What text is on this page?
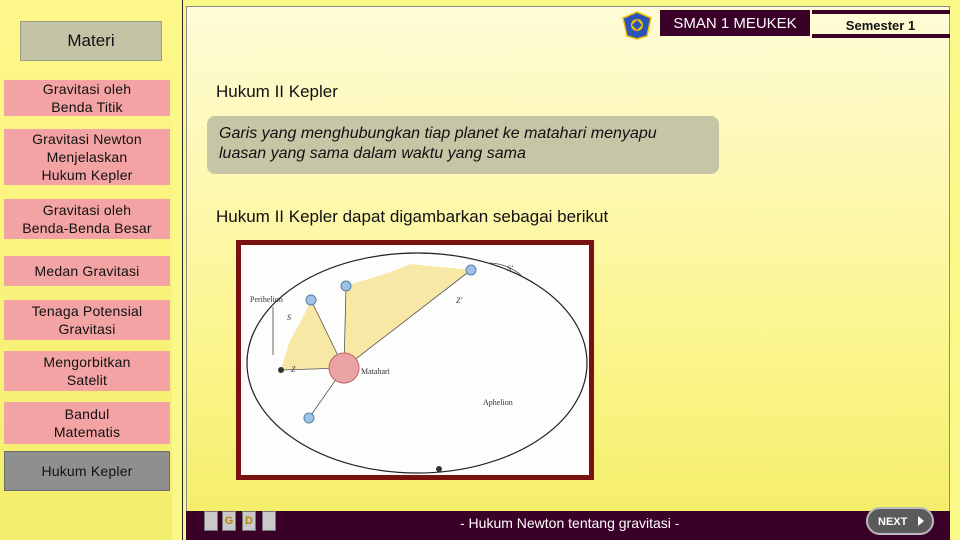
Materi
Gravitasi oleh
Benda Titik
Gravitasi Newton
Menjelaskan
Hukum Kepler
Gravitasi oleh
Benda-Benda Besar
Medan Gravitasi
Tenaga Potensial
Gravitasi
Mengorbitkan
Satelit
Bandul
Matematis
Hukum Kepler
SMAN 1 MEUKEK	Semester 1
Hukum II Kepler
Garis yang menghubungkan tiap planet ke matahari menyapu
luasan yang sama dalam waktu yang sama
Hukum II Kepler dapat digambarkan sebagai berikut
Perihelion
Aphelion
Matahari
S
S'
Z
Z'
G D	- Hukum Newton tentang gravitasi -	NEXT
